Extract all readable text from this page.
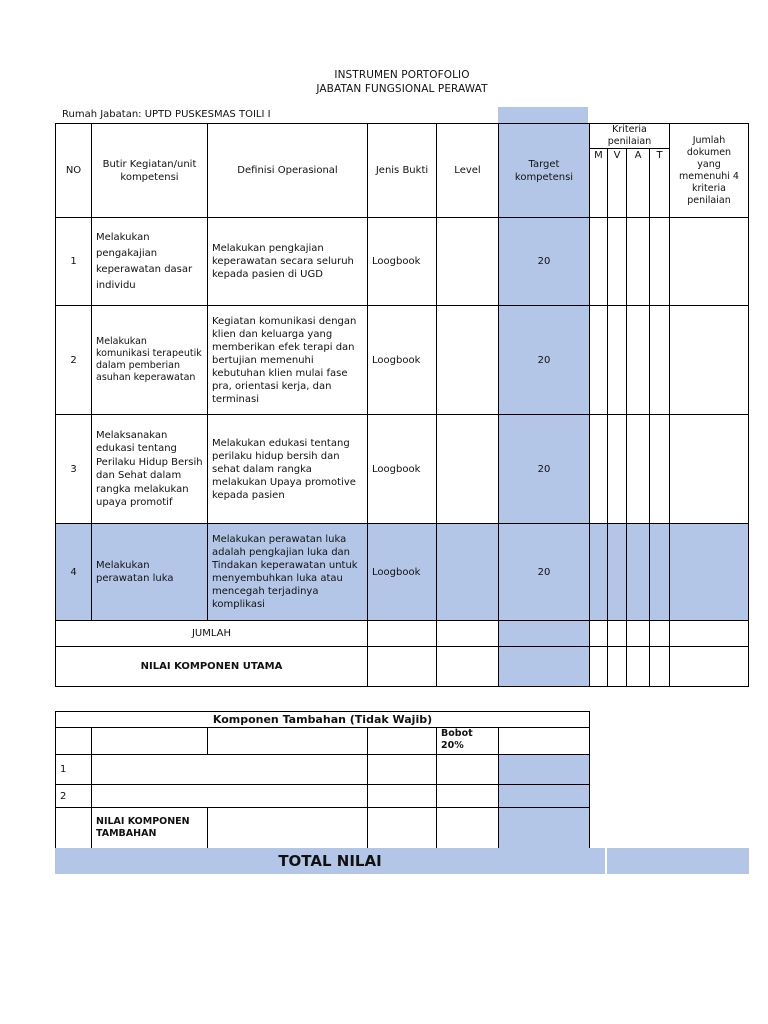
INSTRUMEN PORTOFOLIO
JABATAN FUNGSIONAL PERAWAT
Rumah Jabatan: UPTD PUSKESMAS TOILI I
NO	Butir Kegiatan/unit kompetensi	Definisi Operasional	Jenis Bukti	Level	Target kompetensi	Kriteria penilaian				Jumlah dokumen yang memenuhi 4 kriteria penilaian
						M	V	A	T	
1	Melakukan pengakajian keperawatan dasar individu	Melakukan pengkajian keperawatan secara seluruh kepada pasien di UGD	Loogbook		20					
2	Melakukan komunikasi terapeutik dalam pemberian asuhan keperawatan	Kegiatan komunikasi dengan klien dan keluarga yang memberikan efek terapi dan bertujian memenuhi kebutuhan klien mulai fase pra, orientasi kerja, dan terminasi	Loogbook		20					
3	Melaksanakan edukasi tentang Perilaku Hidup Bersih dan Sehat dalam rangka melakukan upaya promotif	Melakukan edukasi tentang perilaku hidup bersih dan sehat dalam rangka melakukan Upaya promotive kepada pasien	Loogbook		20					
4	Melakukan perawatan luka	Melakukan perawatan luka adalah pengkajian luka dan Tindakan keperawatan untuk menyembuhkan luka atau mencegah terjadinya komplikasi	Loogbook		20					
JUMLAH										
NILAI KOMPONEN UTAMA										
Komponen Tambahan (Tidak Wajib)					
				Bobot 20%	
1					
2					
	NILAI KOMPONEN TAMBAHAN				
TOTAL NILAI
